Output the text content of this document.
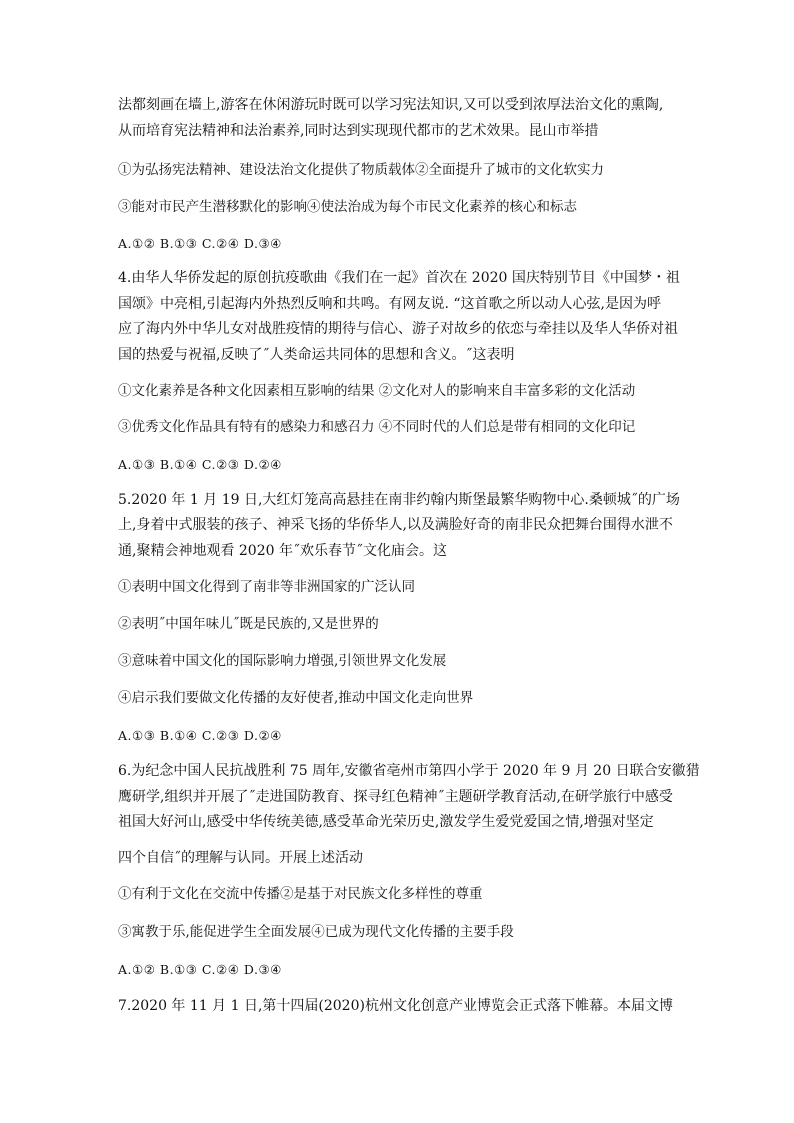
法都刻画在墙上,游客在休闲游玩时既可以学习宪法知识,又可以受到浓厚法治文化的熏陶,
从而培育宪法精神和法治素养,同时达到实现现代都市的艺术效果。昆山市举措
①为弘扬宪法精神、建设法治文化提供了物质载体②全面提升了城市的文化软实力
③能对市民产生潜移默化的影响④使法治成为每个市民文化素养的核心和标志
A.①② B.①③ C.②④ D.③④
4.由华人华侨发起的原创抗疫歌曲《我们在一起》首次在 2020 国庆特别节目《中国梦・祖
国颂》中亮相,引起海内外热烈反响和共鸣。有网友说. “这首歌之所以动人心弦,是因为呼
应了海内外中华儿女对战胜疫情的期待与信心、游子对故乡的依恋与牵挂以及华人华侨对祖
国的热爱与祝福,反映了˝人类命运共同体的思想和含义。˝这表明
①文化素养是各种文化因素相互影响的结果 ②文化对人的影响来自丰富多彩的文化活动
③优秀文化作品具有特有的感染力和感召力 ④不同时代的人们总是带有相同的文化印记
A.①③ B.①④ C.②③ D.②④
5.2020 年 1 月 19 日,大红灯笼高高悬挂在南非约翰内斯堡最繁华购物中心.桑顿城˝的广场
上,身着中式服装的孩子、神采飞扬的华侨华人,以及满脸好奇的南非民众把舞台围得水泄不
通,聚精会神地观看 2020 年˝欢乐春节˝文化庙会。这
①表明中国文化得到了南非等非洲国家的广泛认同
②表明˝中国年味儿˝既是民族的,又是世界的
③意味着中国文化的国际影响力增强,引领世界文化发展
④启示我们要做文化传播的友好使者,推动中国文化走向世界
A.①③ B.①④ C.②③ D.②④
6.为纪念中国人民抗战胜利 75 周年,安徽省亳州市第四小学于 2020 年 9 月 20 日联合安徽猎
鹰研学,组织并开展了˝走进国防教育、探寻红色精神˝主题研学教育活动,在研学旅行中感受
祖国大好河山,感受中华传统美德,感受革命光荣历史,激发学生爱党爱国之情,增强对坚定
四个自信˝的理解与认同。开展上述活动
①有利于文化在交流中传播②是基于对民族文化多样性的尊重
③寓教于乐,能促进学生全面发展④已成为现代文化传播的主要手段
A.①② B.①③ C.②④ D.③④
7.2020 年 11 月 1 日,第十四届(2020)杭州文化创意产业博览会正式落下帷幕。本届文博
